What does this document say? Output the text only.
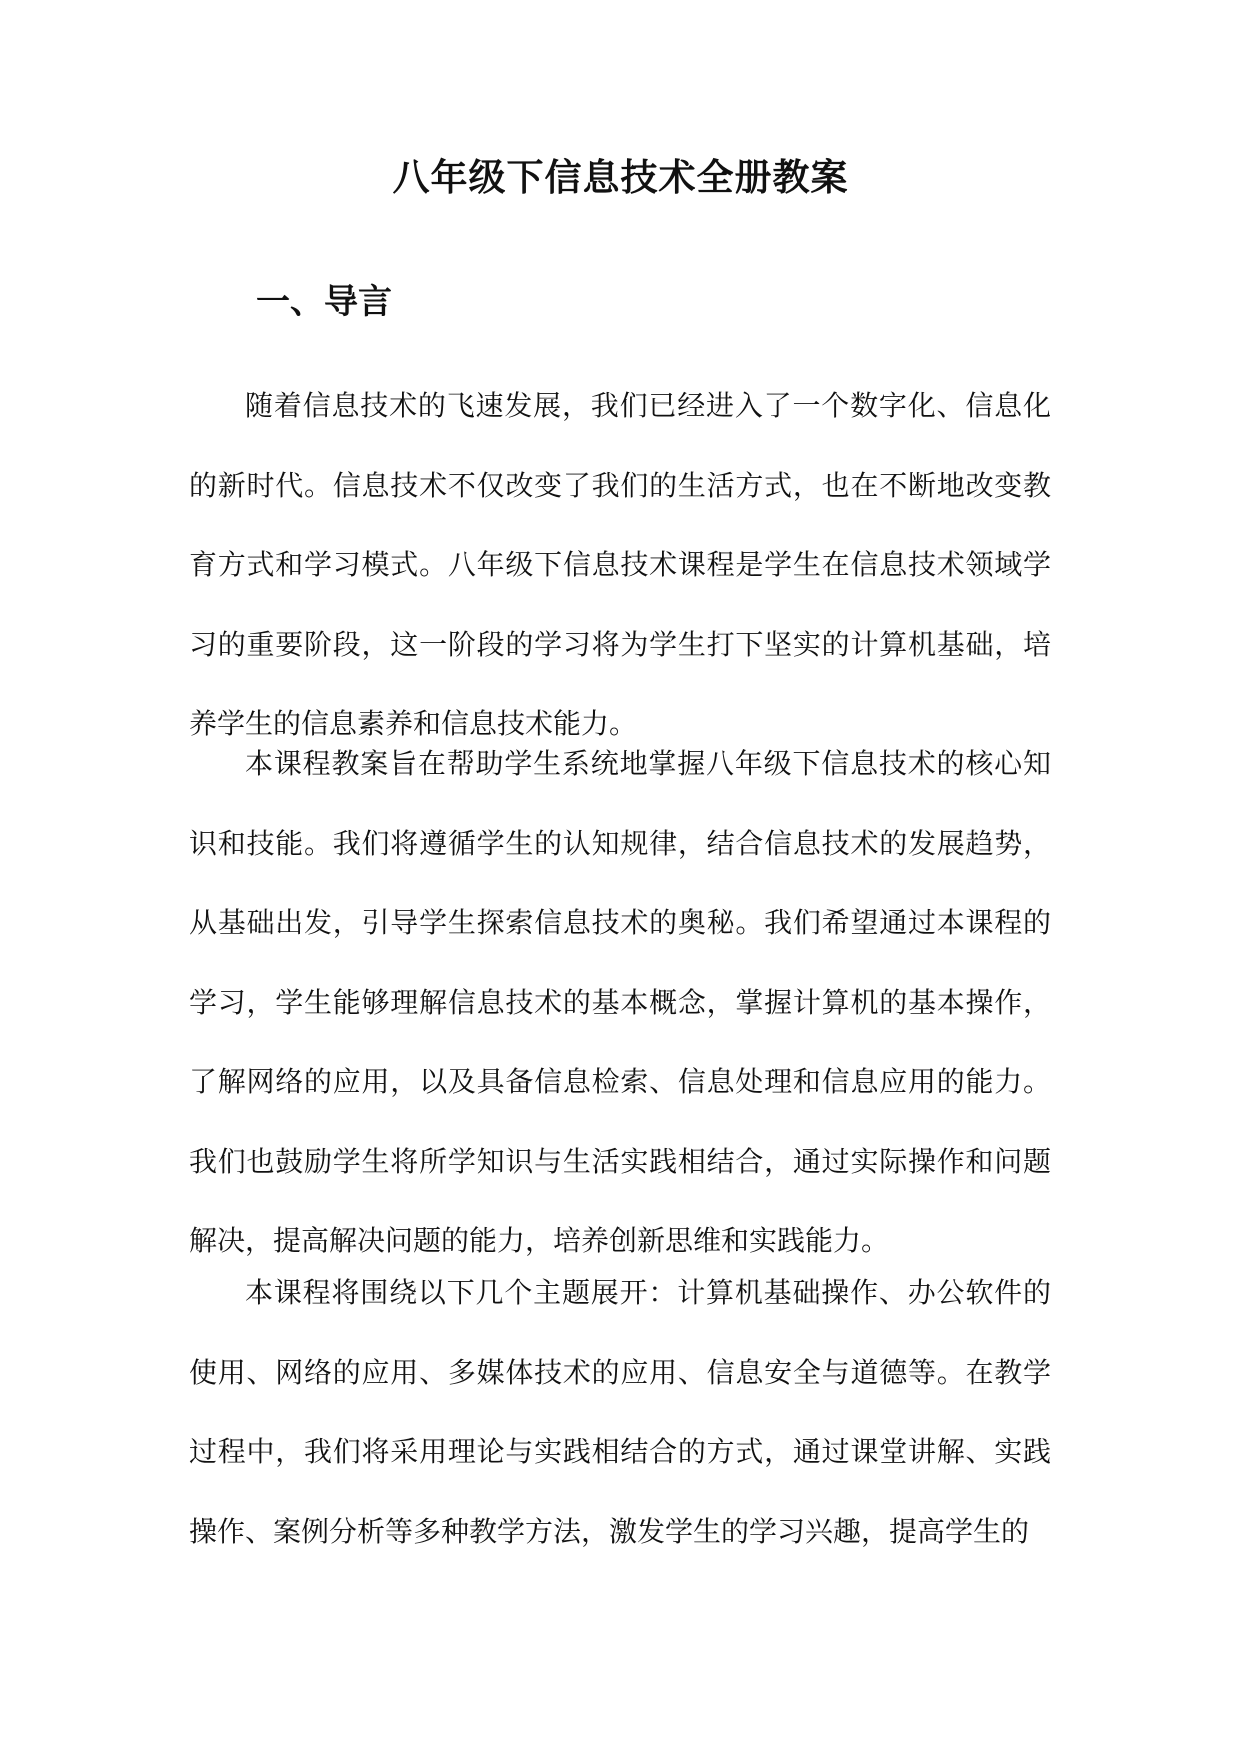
八年级下信息技术全册教案
一、导言

随着信息技术的飞速发展，我们已经进入了一个数字化、信息化的新时代。信息技术不仅改变了我们的生活方式，也在不断地改变教育方式和学习模式。八年级下信息技术课程是学生在信息技术领域学习的重要阶段，这一阶段的学习将为学生打下坚实的计算机基础，培养学生的信息素养和信息技术能力。

本课程教案旨在帮助学生系统地掌握八年级下信息技术的核心知识和技能。我们将遵循学生的认知规律，结合信息技术的发展趋势，从基础出发，引导学生探索信息技术的奥秘。我们希望通过本课程的学习，学生能够理解信息技术的基本概念，掌握计算机的基本操作，了解网络的应用，以及具备信息检索、信息处理和信息应用的能力。我们也鼓励学生将所学知识与生活实践相结合，通过实际操作和问题解决，提高解决问题的能力，培养创新思维和实践能力。

本课程将围绕以下几个主题展开：计算机基础操作、办公软件的使用、网络的应用、多媒体技术的应用、信息安全与道德等。在教学过程中，我们将采用理论与实践相结合的方式，通过课堂讲解、实践操作、案例分析等多种教学方法，激发学生的学习兴趣，提高学生的
